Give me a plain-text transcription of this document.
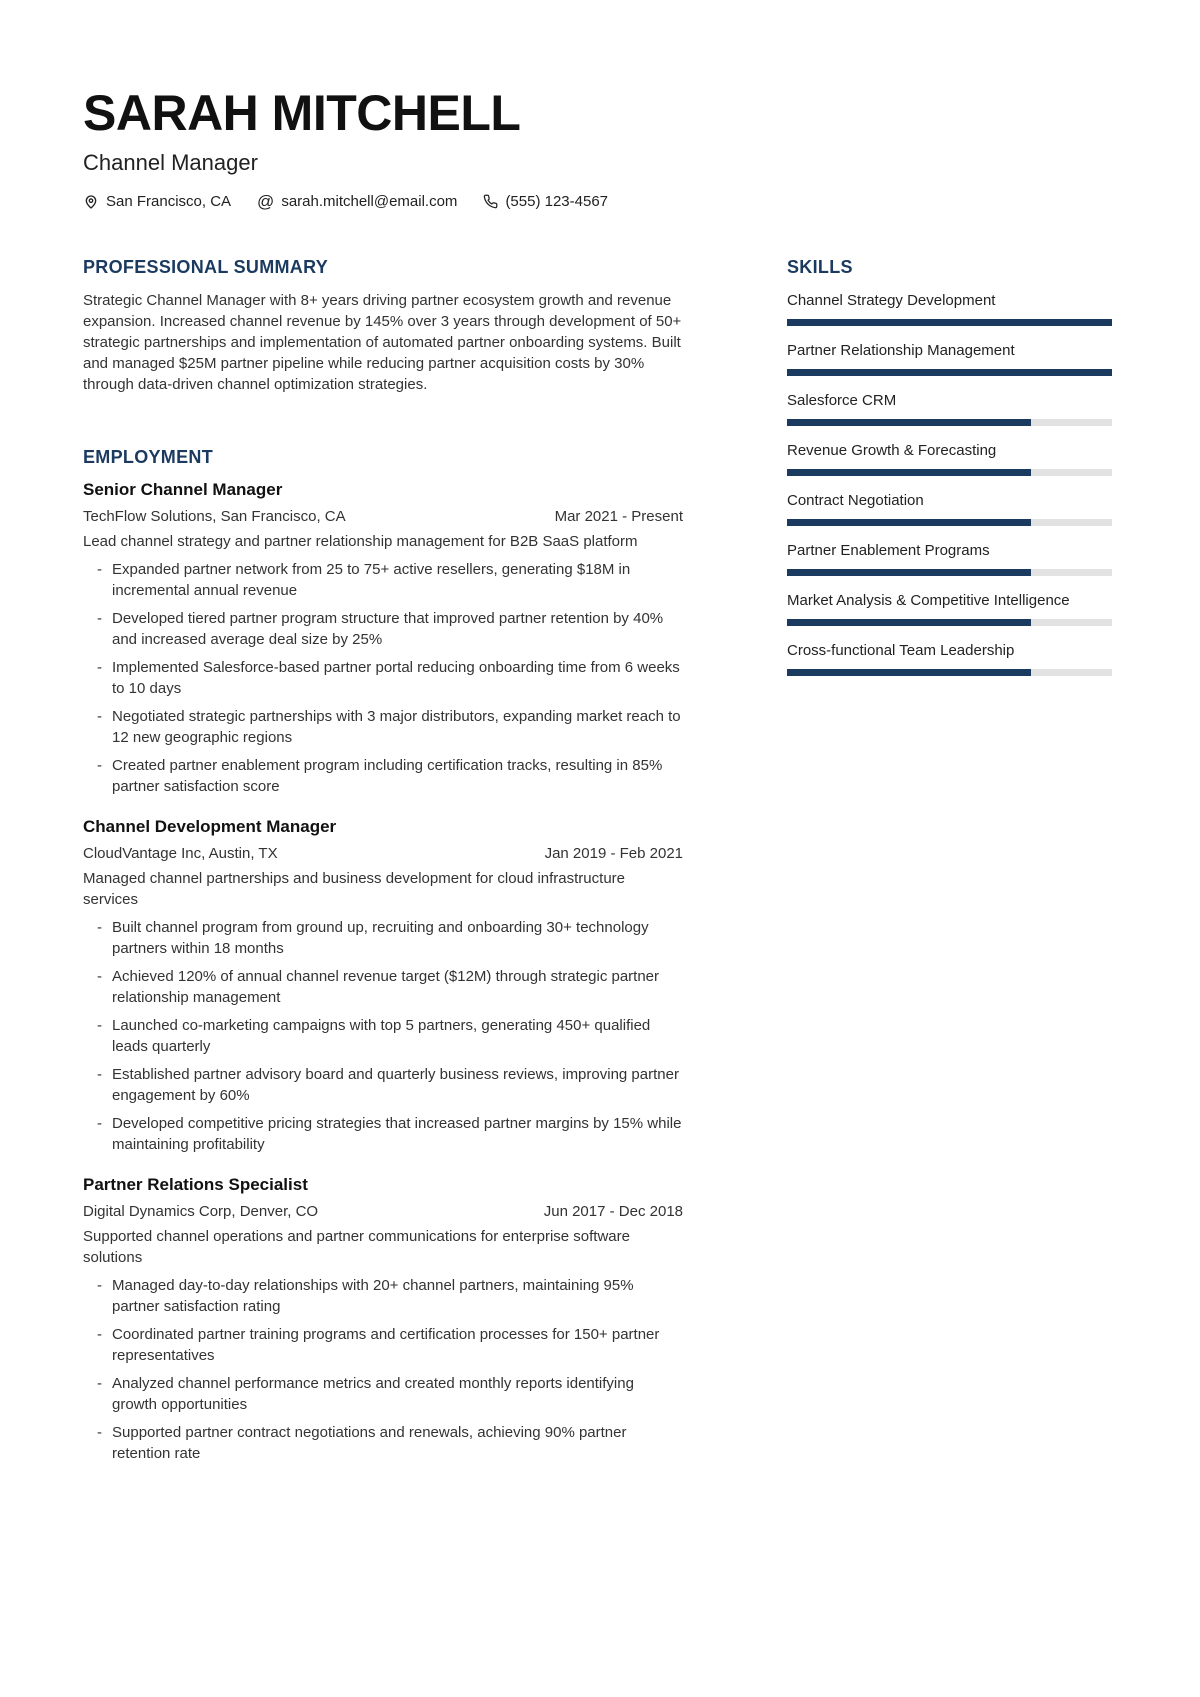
SARAH MITCHELL
Channel Manager
San Francisco, CA @ sarah.mitchell@email.com	(555) 123-4567
PROFESSIONAL SUMMARY

Strategic Channel Manager with 8+ years driving partner ecosystem growth and revenue expansion. Increased channel revenue by 145% over 3 years through development of 50+ strategic partnerships and implementation of automated partner onboarding systems. Built and managed $25M partner pipeline while reducing partner acquisition costs by 30% through data-driven channel optimization strategies.

EMPLOYMENT
Senior Channel Manager
TechFlow Solutions, San Francisco, CA	Mar 2021 - Present

Lead channel strategy and partner relationship management for B2B SaaS platform

- Expanded partner network from 25 to 75+ active resellers, generating $18M in incremental annual revenue
- Developed tiered partner program structure that improved partner retention by 40% and increased average deal size by 25%
- Implemented Salesforce-based partner portal reducing onboarding time from 6 weeks to 10 days
- Negotiated strategic partnerships with 3 major distributors, expanding market reach to 12 new geographic regions
- Created partner enablement program including certification tracks, resulting in 85% partner satisfaction score
Channel Development Manager
CloudVantage Inc, Austin, TX	Jan 2019 - Feb 2021

Managed channel partnerships and business development for cloud infrastructure services

- Built channel program from ground up, recruiting and onboarding 30+ technology partners within 18 months
- Achieved 120% of annual channel revenue target ($12M) through strategic partner relationship management
- Launched co-marketing campaigns with top 5 partners, generating 450+ qualified leads quarterly
- Established partner advisory board and quarterly business reviews, improving partner engagement by 60%
- Developed competitive pricing strategies that increased partner margins by 15% while maintaining profitability
Partner Relations Specialist
Digital Dynamics Corp, Denver, CO	Jun 2017 - Dec 2018

Supported channel operations and partner communications for enterprise software solutions

- Managed day-to-day relationships with 20+ channel partners, maintaining 95% partner satisfaction rating
- Coordinated partner training programs and certification processes for 150+ partner representatives
- Analyzed channel performance metrics and created monthly reports identifying growth opportunities
- Supported partner contract negotiations and renewals, achieving 90% partner retention rate
SKILLS
Channel Strategy Development
Partner Relationship Management
Salesforce CRM
Revenue Growth & Forecasting
Contract Negotiation
Partner Enablement Programs
Market Analysis & Competitive Intelligence
Cross-functional Team Leadership
